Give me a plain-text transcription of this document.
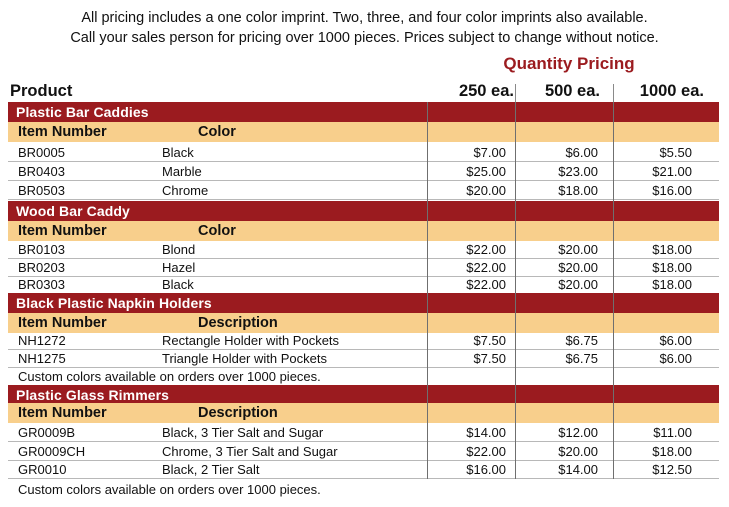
All pricing includes a one color imprint. Two, three, and four color imprints also available.
Call your sales person for pricing over 1000 pieces. Prices subject to change without notice.
Quantity Pricing
Product	250 ea.	500 ea.	1000 ea.
Plastic Bar Caddies
Item Number	Color
BR0005	Black	$7.00	$6.00	$5.50
BR0403	Marble	$25.00	$23.00	$21.00
BR0503	Chrome	$20.00	$18.00	$16.00
Wood Bar Caddy
Item Number	Color
BR0103	Blond	$22.00	$20.00	$18.00
BR0203	Hazel	$22.00	$20.00	$18.00
BR0303	Black	$22.00	$20.00	$18.00
Black Plastic Napkin Holders
Item Number	Description
NH1272	Rectangle Holder with Pockets	$7.50	$6.75	$6.00
NH1275	Triangle Holder with Pockets	$7.50	$6.75	$6.00
Custom colors available on orders over 1000 pieces.
Plastic Glass Rimmers
Item Number	Description
GR0009B	Black, 3 Tier Salt and Sugar	$14.00	$12.00	$11.00
GR0009CH	Chrome, 3 Tier Salt and Sugar	$22.00	$20.00	$18.00
GR0010	Black, 2 Tier Salt	$16.00	$14.00	$12.50
Custom colors available on orders over 1000 pieces.
